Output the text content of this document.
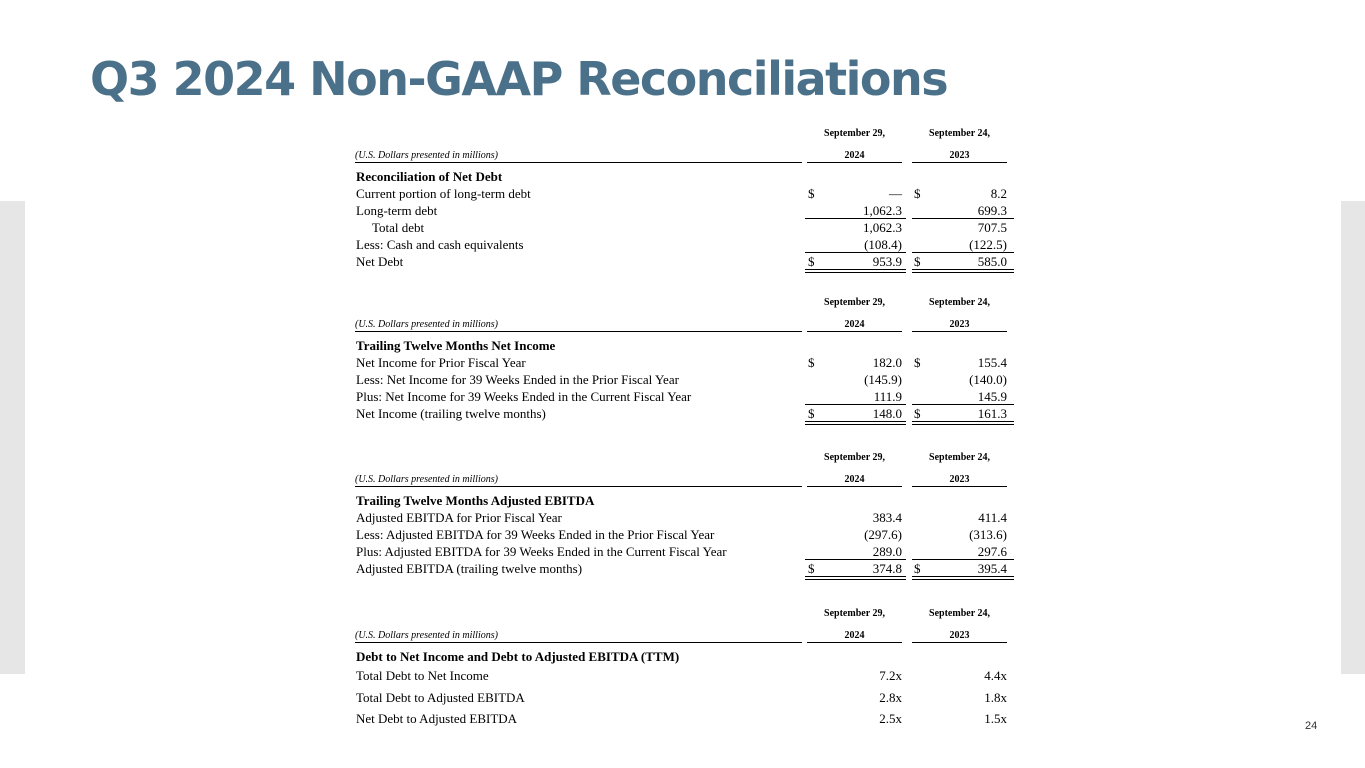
Q3 2024 Non-GAAP Reconciliations
September 29,	September 24,
(U.S. Dollars presented in millions)	2024	2023
Reconciliation of Net Debt
Current portion of long-term debt	$	— $	8.2
Long-term debt	1,062.3	699.3
Total debt	1,062.3	707.5
Less: Cash and cash equivalents	(108.4)	(122.5)
Net Debt	$	953.9 $	585.0
September 29,	September 24,
(U.S. Dollars presented in millions)	2024	2023
Trailing Twelve Months Net Income
Net Income for Prior Fiscal Year	$	182.0 $	155.4
Less: Net Income for 39 Weeks Ended in the Prior Fiscal Year	(145.9)	(140.0)
Plus: Net Income for 39 Weeks Ended in the Current Fiscal Year	111.9	145.9
Net Income (trailing twelve months)	$	148.0 $	161.3
September 29,	September 24,
(U.S. Dollars presented in millions)	2024	2023
Trailing Twelve Months Adjusted EBITDA
Adjusted EBITDA for Prior Fiscal Year	383.4	411.4
Less: Adjusted EBITDA for 39 Weeks Ended in the Prior Fiscal Year	(297.6)	(313.6)
Plus: Adjusted EBITDA for 39 Weeks Ended in the Current Fiscal Year	289.0	297.6
Adjusted EBITDA (trailing twelve months)	$	374.8 $	395.4
September 29,	September 24,
(U.S. Dollars presented in millions)	2024	2023
Debt to Net Income and Debt to Adjusted EBITDA (TTM)
Total Debt to Net Income	7.2x	4.4x
Total Debt to Adjusted EBITDA	2.8x	1.8x
Net Debt to Adjusted EBITDA	2.5x	1.5x	24
